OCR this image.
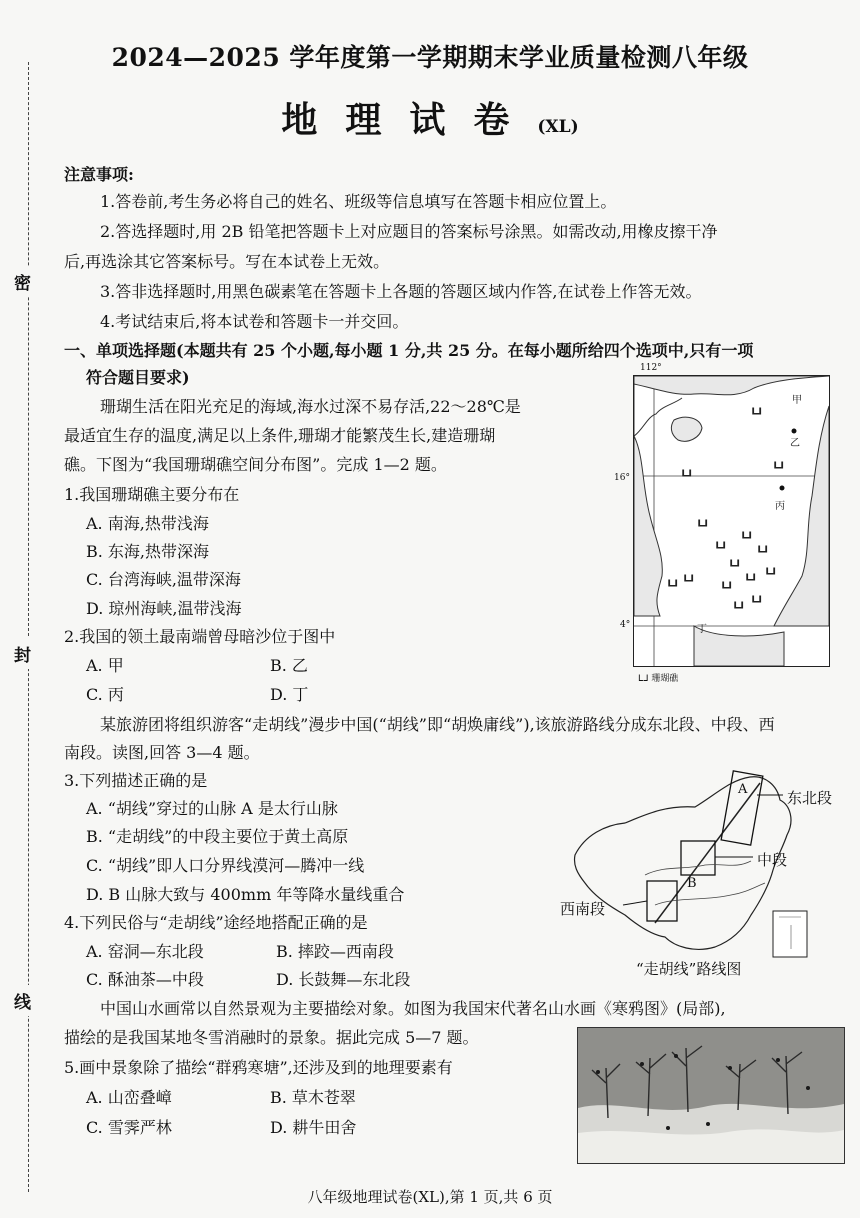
密
封
线
2024—2025 学年度第一学期期末学业质量检测八年级
地理试卷(XL)
注意事项:
1.答卷前,考生务必将自己的姓名、班级等信息填写在答题卡相应位置上。
2.答选择题时,用 2B 铅笔把答题卡上对应题目的答案标号涂黑。如需改动,用橡皮擦干净
后,再选涂其它答案标号。写在本试卷上无效。
3.答非选择题时,用黑色碳素笔在答题卡上各题的答题区域内作答,在试卷上作答无效。
4.考试结束后,将本试卷和答题卡一并交回。
一、单项选择题(本题共有 25 个小题,每小题 1 分,共 25 分。在每小题所给四个选项中,只有一项
符合题目要求)
珊瑚生活在阳光充足的海域,海水过深不易存活,22～28℃是
最适宜生存的温度,满足以上条件,珊瑚才能繁茂生长,建造珊瑚
礁。下图为“我国珊瑚礁空间分布图”。完成 1—2 题。
1.我国珊瑚礁主要分布在
A. 南海,热带浅海
B. 东海,热带深海
C. 台湾海峡,温带深海
D. 琼州海峡,温带浅海
2.我国的领土最南端曾母暗沙位于图中
A. 甲	B. 乙
C. 丙	D. 丁
112°
16°
4°
ᒪᒧ
ᒪᒧ
ᒪᒧ
ᒪᒧ
ᒪᒧ
ᒪᒧ
ᒪᒧ
ᒪᒧ
ᒪᒧ
ᒪᒧ	ᒪᒧ
ᒪᒧ
ᒪᒧ
ᒪᒧ
ᒪᒧ
甲
乙
丙
丁
ᒪᒧ 珊瑚礁
某旅游团将组织游客“走胡线”漫步中国(“胡线”即“胡焕庸线”),该旅游路线分成东北段、中段、西
南段。读图,回答 3—4 题。
3.下列描述正确的是
A. “胡线”穿过的山脉 A 是太行山脉
B. “走胡线”的中段主要位于黄土高原
C. “胡线”即人口分界线漠河—腾冲一线
D. B 山脉大致与 400mm 年等降水量线重合
4.下列民俗与“走胡线”途经地搭配正确的是
A. 窑洞—东北段	B. 摔跤—西南段
C. 酥油茶—中段	D. 长鼓舞—东北段
东北段
中段
西南段
A
B
“走胡线”路线图
中国山水画常以自然景观为主要描绘对象。如图为我国宋代著名山水画《寒鸦图》(局部),
描绘的是我国某地冬雪消融时的景象。据此完成 5—7 题。
5.画中景象除了描绘“群鸦寒塘”,还涉及到的地理要素有
A. 山峦叠嶂	B. 草木苍翠
C. 雪霁严林	D. 耕牛田舍
八年级地理试卷(XL),第 1 页,共 6 页
